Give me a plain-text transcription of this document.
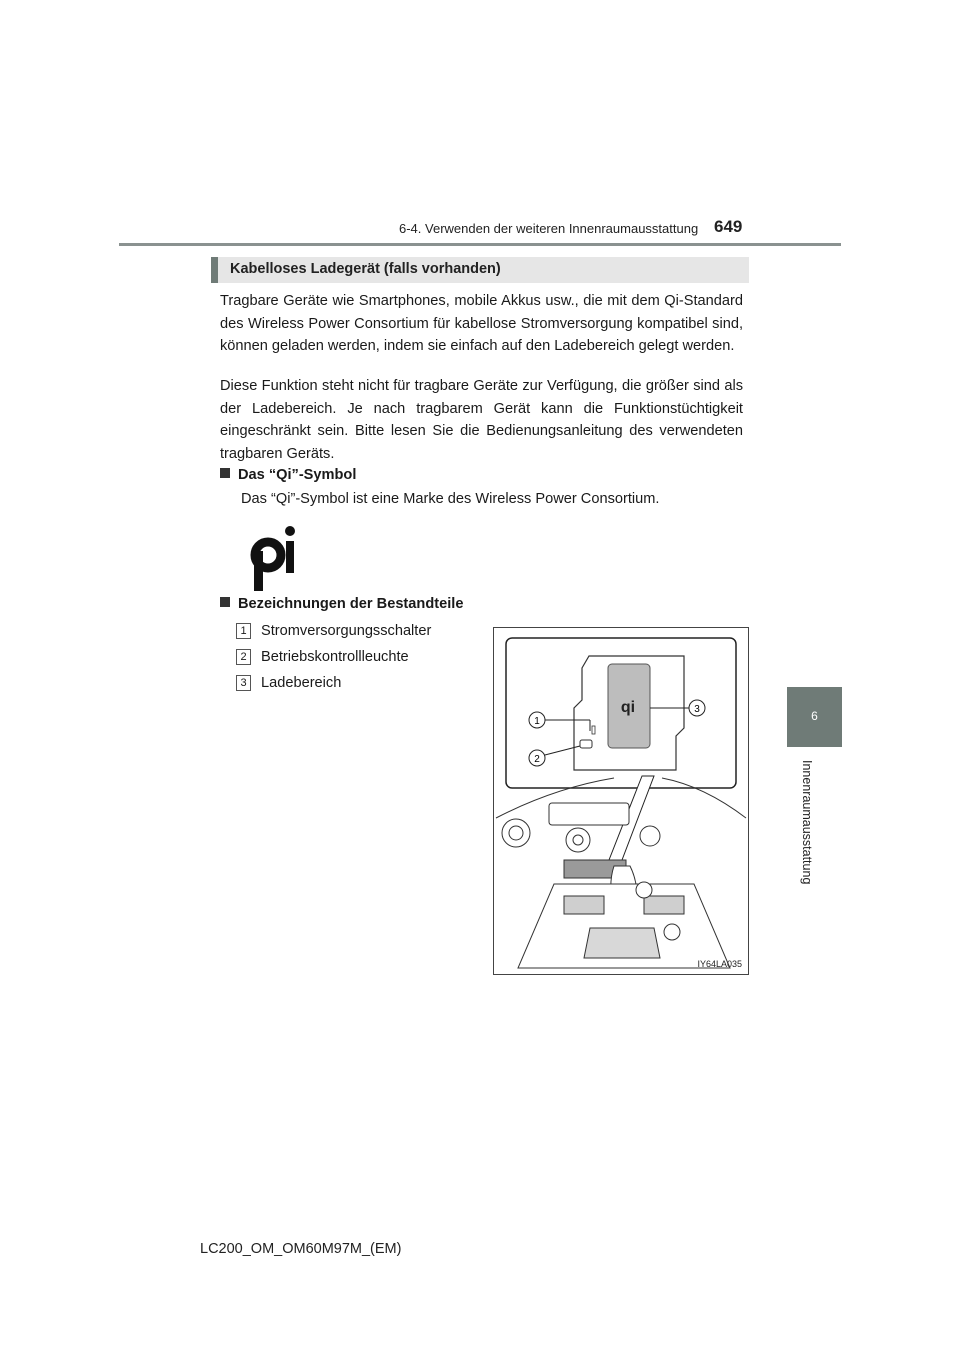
6-4. Verwenden der weiteren Innenraumausstattung 649
6
Innenraumausstattung
Kabelloses Ladegerät (falls vorhanden)
Tragbare Geräte wie Smartphones, mobile Akkus usw., die mit dem Qi-Standard des Wireless Power Consortium für kabellose Stromversorgung kompatibel sind, können geladen werden, indem sie einfach auf den Ladebereich gelegt werden.
Diese Funktion steht nicht für tragbare Geräte zur Verfügung, die größer sind als der Ladebereich. Je nach tragbarem Gerät kann die Funktionstüchtigkeit eingeschränkt sein. Bitte lesen Sie die Bedienungsanleitung des verwendeten tragbaren Geräts.
Das “Qi”-Symbol
Das “Qi”-Symbol ist eine Marke des Wireless Power Consortium.
Bezeichnungen der Bestandteile
1 Stromversorgungsschalter
2 Betriebskontrollleuchte
3 Ladebereich
qi
1
2
3
IY64LA035
LC200_OM_OM60M97M_(EM)
